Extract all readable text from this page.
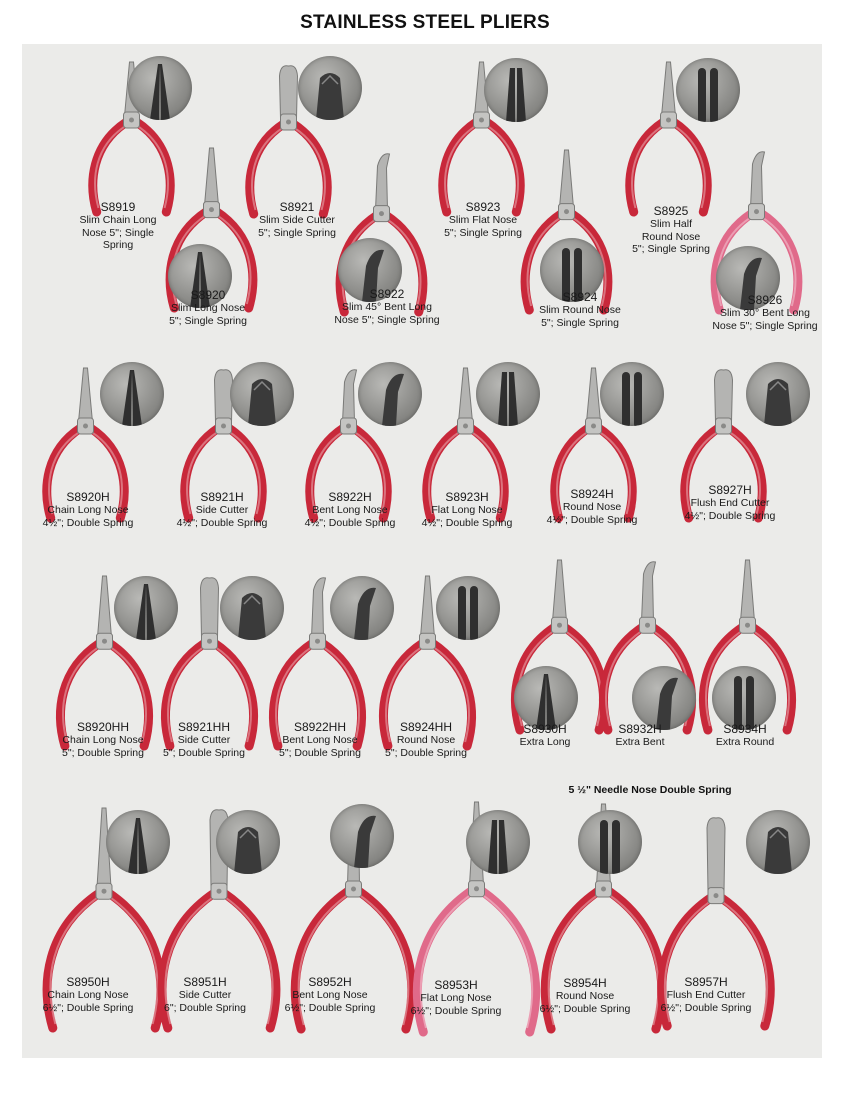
STAINLESS STEEL PLIERS
5 ½" Needle Nose Double Spring
S8919
Slim Chain Long
Nose 5"; Single
Spring
S8920
Slim Long Nose
5"; Single Spring
S8921
Slim Side Cutter
5"; Single Spring
S8922
Slim 45° Bent Long
Nose 5"; Single Spring
S8923
Slim Flat Nose
5"; Single Spring
S8924
Slim Round Nose
5"; Single Spring
S8925
Slim Half
Round Nose
5"; Single Spring
S8926
Slim 30° Bent Long
Nose 5"; Single Spring
S8920H
Chain Long Nose
4½"; Double Spring
S8921H
Side Cutter
4½"; Double Spring
S8922H
Bent Long Nose
4½"; Double Spring
S8923H
Flat Long Nose
4½"; Double Spring
S8924H
Round Nose
4½"; Double Spring
S8927H
Flush End Cutter
4½"; Double Spring
S8920HH
Chain Long Nose
5"; Double Spring
S8921HH
Side Cutter
5"; Double Spring
S8922HH
Bent Long Nose
5"; Double Spring
S8924HH
Round Nose
5"; Double Spring
S8930H
Extra Long
S8932H
Extra Bent
S8934H
Extra Round
S8950H
Chain Long Nose
6½"; Double Spring
S8951H
Side Cutter
6"; Double Spring
S8952H
Bent Long Nose
6½"; Double Spring
S8953H
Flat Long Nose
6½"; Double Spring
S8954H
Round Nose
6½"; Double Spring
S8957H
Flush End Cutter
6½"; Double Spring
